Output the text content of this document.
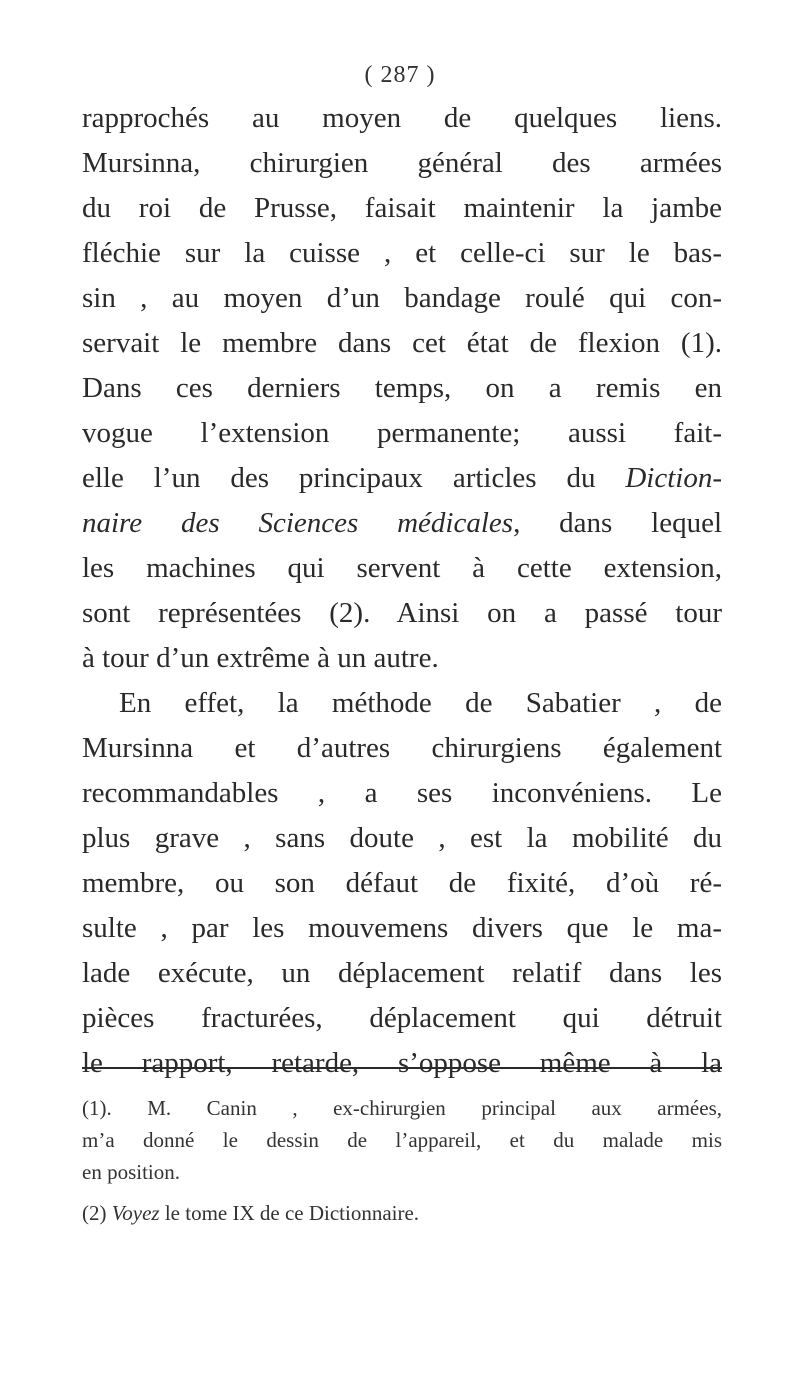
( 287 )
rapprochés au moyen de quelques liens.
Mursinna, chirurgien général des armées
du roi de Prusse, faisait maintenir la jambe
fléchie sur la cuisse , et celle-ci sur le bas-
sin , au moyen d’un bandage roulé qui con-
servait le membre dans cet état de flexion (1).
Dans ces derniers temps, on a remis en
vogue l’extension permanente; aussi fait-
elle l’un des principaux articles du Diction-
naire des Sciences médicales, dans lequel
les machines qui servent à cette extension,
sont représentées (2). Ainsi on a passé tour
à tour d’un extrême à un autre.
En effet, la méthode de Sabatier , de
Mursinna et d’autres chirurgiens également
recommandables , a ses inconvéniens. Le
plus grave , sans doute , est la mobilité du
membre, ou son défaut de fixité, d’où ré-
sulte , par les mouvemens divers que le ma-
lade exécute, un déplacement relatif dans les
pièces fracturées, déplacement qui détruit
le rapport, retarde, s’oppose même à la
(1). M. Canin , ex-chirurgien principal aux armées,
m’a donné le dessin de l’appareil, et du malade mis
en position.
(2) Voyez le tome IX de ce Dictionnaire.
